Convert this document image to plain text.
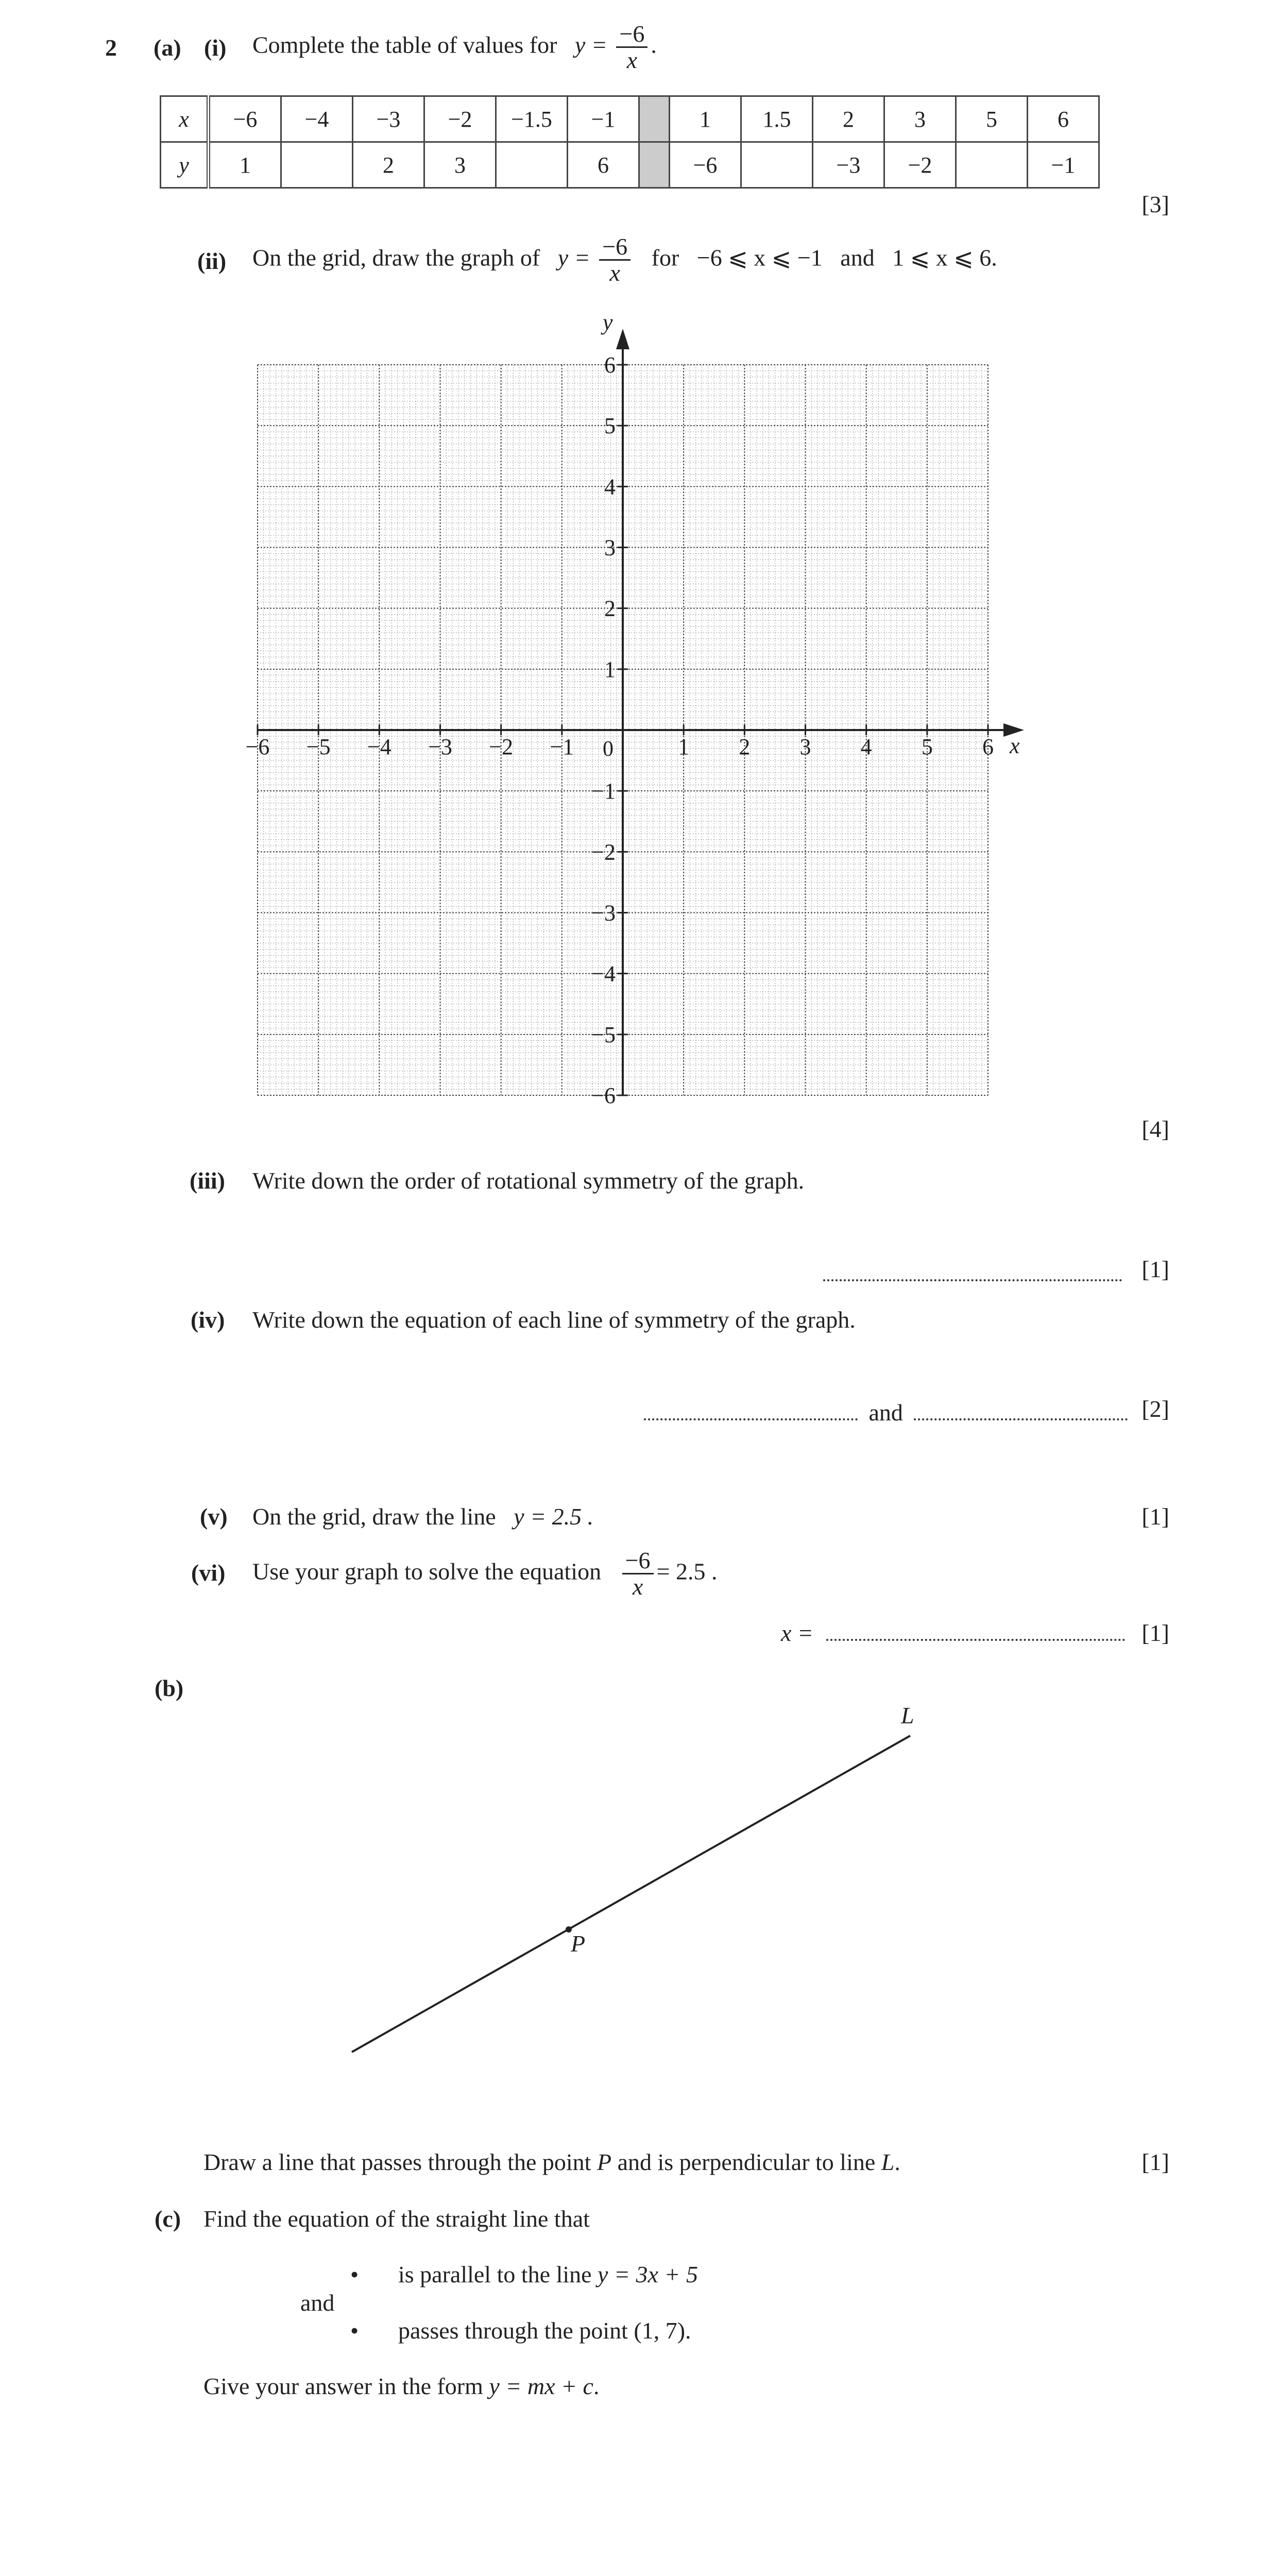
2 (a) (i) Complete the table of values for $y = \frac{-6}{x}$ .
x	−6	−4	−3	−2	−1.5	−1		1	1.5	2	3	5	6
y	1		2	3		6		−6		−3	−2		−1
[3]
(ii) On the grid, draw the graph of $y = \frac{-6}{x}$ for −6 ⩽ x ⩽ −1 and 1 ⩽ x ⩽ 6.
−6 −5 −4 −3 −2 −1	1 2 3 4 5 6
6
5
4
3
2
1
−1
−2
−3
−4
−5
−6
x
y
0
[4]
(iii) Write down the order of rotational symmetry of the graph.
[1]
(iv) Write down the equation of each line of symmetry of the graph.
and	[2]
(v) On the grid, draw the line y = 2.5 .	[1]
(vi) Use your graph to solve the equation $\frac{-6}{x} = 2.5$ .
x =	[1]
(b)
P
L
Draw a line that passes through the point P and is perpendicular to line L.	[1]
(c) Find the equation of the straight line that
• is parallel to the line y = 3x + 5
and
• passes through the point (1, 7).
Give your answer in the form y = mx + c.
